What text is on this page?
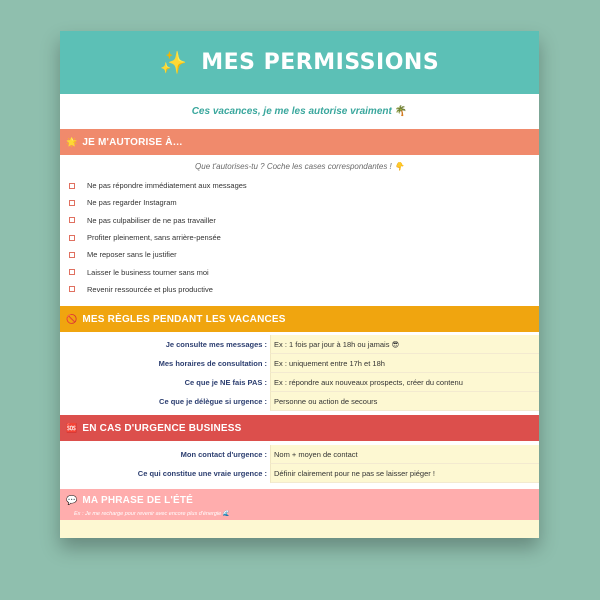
✨ MES PERMISSIONS
Ces vacances, je me les autorise vraiment 🌴
🌟 JE M'AUTORISE À…
Que t'autorises-tu ? Coche les cases correspondantes ! 👇
Ne pas répondre immédiatement aux messages
Ne pas regarder Instagram
Ne pas culpabiliser de ne pas travailler
Profiter pleinement, sans arrière-pensée
Me reposer sans le justifier
Laisser le business tourner sans moi
Revenir ressourcée et plus productive
🚫 MES RÈGLES PENDANT LES VACANCES
Je consulte mes messages : Ex : 1 fois par jour à 18h ou jamais 😎
Mes horaires de consultation : Ex : uniquement entre 17h et 18h
Ce que je NE fais PAS : Ex : répondre aux nouveaux prospects, créer du contenu
Ce que je délègue si urgence : Personne ou action de secours
🆘 EN CAS D'URGENCE BUSINESS
Mon contact d'urgence : Nom + moyen de contact
Ce qui constitue une vraie urgence : Définir clairement pour ne pas se laisser piéger !
💬 MA PHRASE DE L'ÉTÉ
Ex : Je me recharge pour revenir avec encore plus d'énergie 🌊
